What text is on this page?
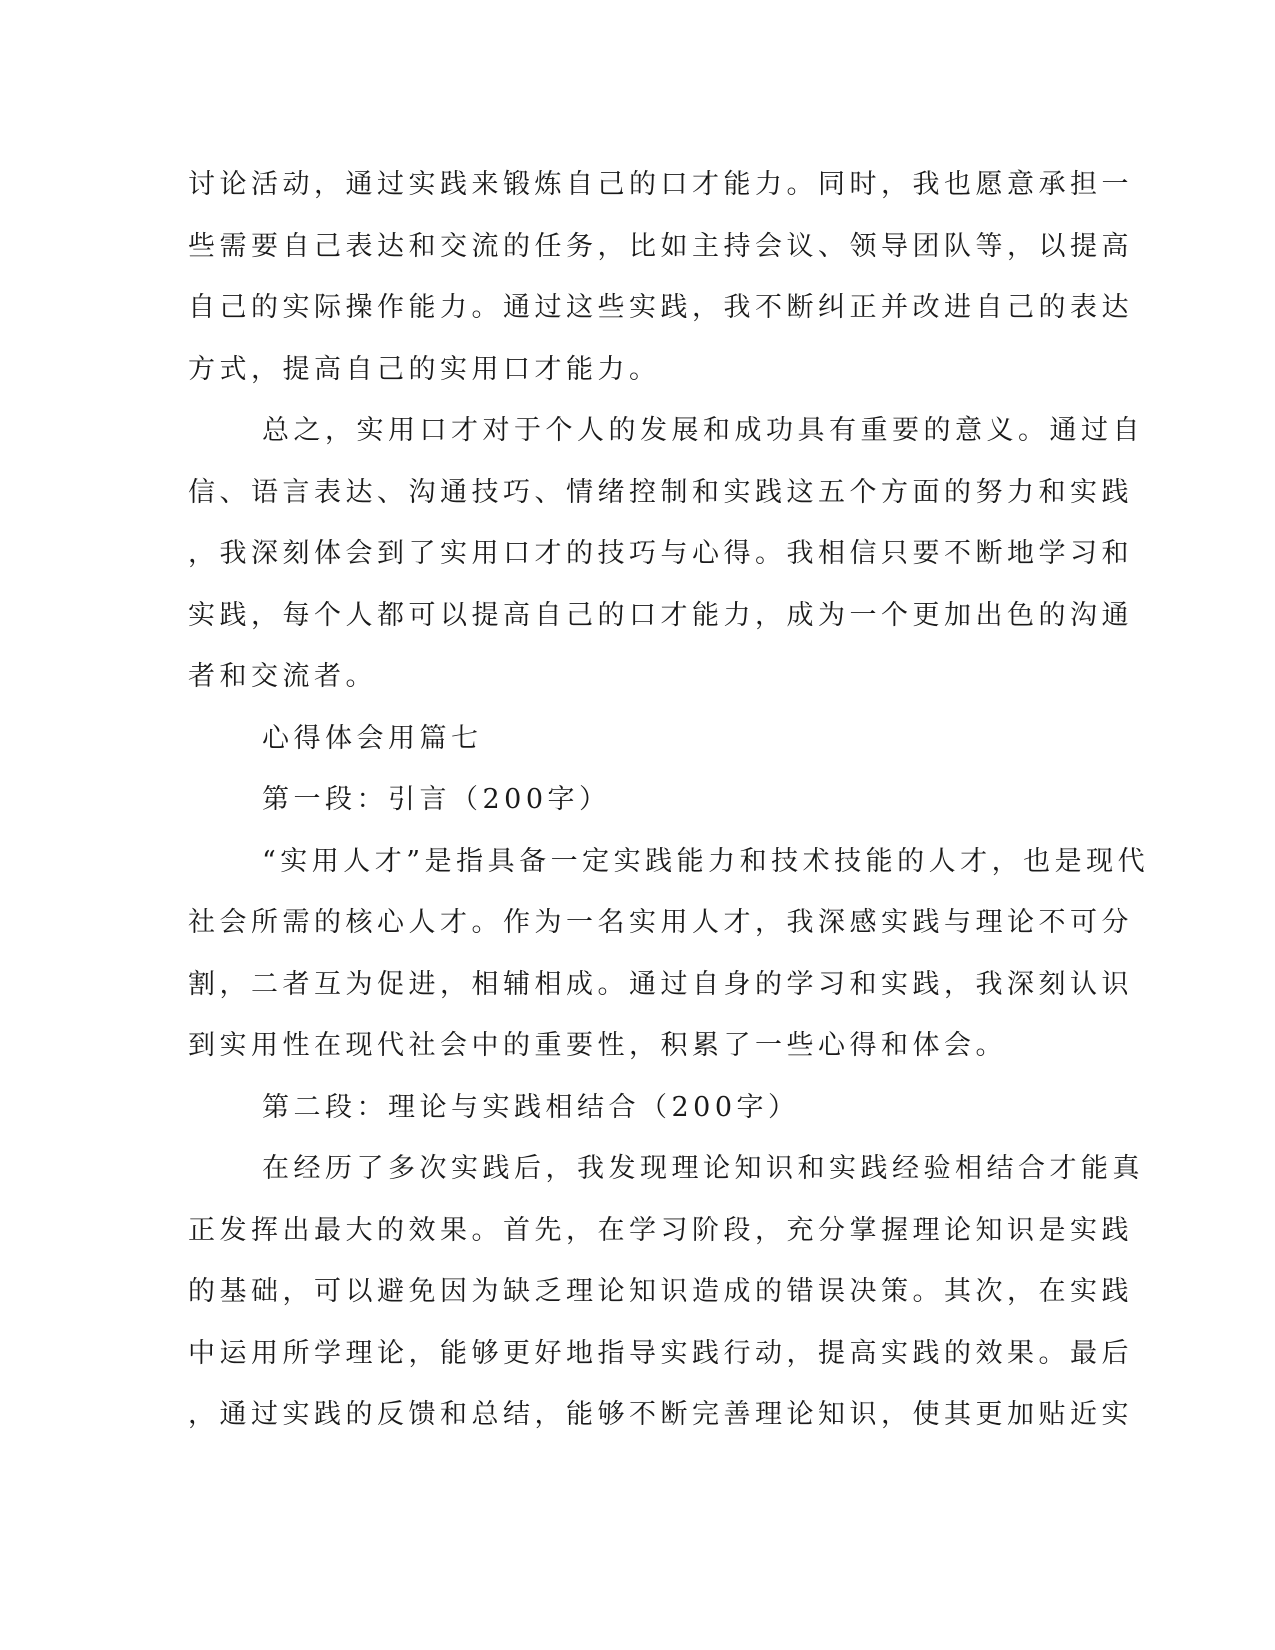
讨论活动，通过实践来锻炼自己的口才能力。同时，我也愿意承担一
些需要自己表达和交流的任务，比如主持会议、领导团队等，以提高
自己的实际操作能力。通过这些实践，我不断纠正并改进自己的表达
方式，提高自己的实用口才能力。
总之，实用口才对于个人的发展和成功具有重要的意义。通过自
信、语言表达、沟通技巧、情绪控制和实践这五个方面的努力和实践
，我深刻体会到了实用口才的技巧与心得。我相信只要不断地学习和
实践，每个人都可以提高自己的口才能力，成为一个更加出色的沟通
者和交流者。
心得体会用篇七
第一段：引言（200字）
“实用人才”是指具备一定实践能力和技术技能的人才，也是现代
社会所需的核心人才。作为一名实用人才，我深感实践与理论不可分
割，二者互为促进，相辅相成。通过自身的学习和实践，我深刻认识
到实用性在现代社会中的重要性，积累了一些心得和体会。
第二段：理论与实践相结合（200字）
在经历了多次实践后，我发现理论知识和实践经验相结合才能真
正发挥出最大的效果。首先，在学习阶段，充分掌握理论知识是实践
的基础，可以避免因为缺乏理论知识造成的错误决策。其次，在实践
中运用所学理论，能够更好地指导实践行动，提高实践的效果。最后
，通过实践的反馈和总结，能够不断完善理论知识，使其更加贴近实
